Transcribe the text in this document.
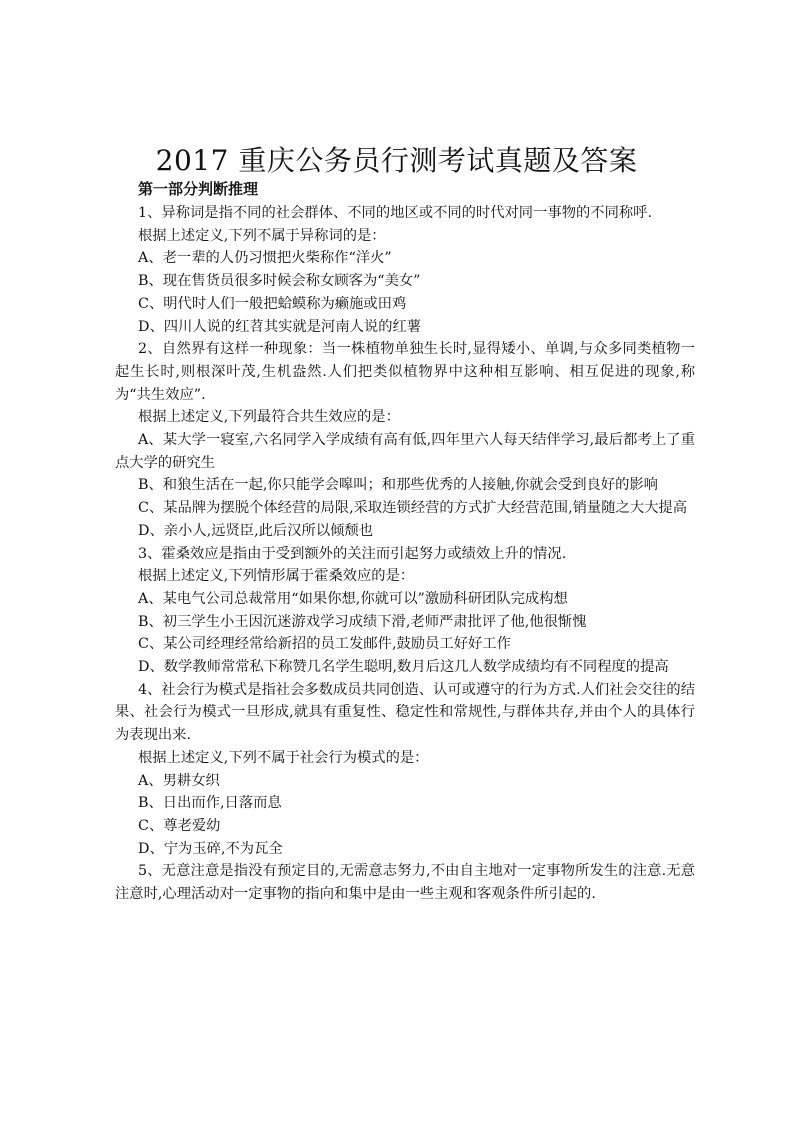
2017 重庆公务员行测考试真题及答案
第一部分判断推理

1、异称词是指不同的社会群体、不同的地区或不同的时代对同一事物的不同称呼.

根据上述定义,下列不属于异称词的是：

A、老一辈的人仍习惯把火柴称作“洋火”

B、现在售货员很多时候会称女顾客为“美女”

C、明代时人们一般把蛤蟆称为癞施或田鸡

D、四川人说的红苕其实就是河南人说的红薯

2、自然界有这样一种现象：当一株植物单独生长时,显得矮小、单调,与众多同类植物一起生长时,则根深叶茂,生机盎然.人们把类似植物界中这种相互影响、相互促进的现象,称为“共生效应”.

根据上述定义,下列最符合共生效应的是：

A、某大学一寝室,六名同学入学成绩有高有低,四年里六人每天结伴学习,最后都考上了重点大学的研究生

B、和狼生活在一起,你只能学会嗥叫；和那些优秀的人接触,你就会受到良好的影响

C、某品牌为摆脱个体经营的局限,采取连锁经营的方式扩大经营范围,销量随之大大提高

D、亲小人,远贤臣,此后汉所以倾颓也

3、霍桑效应是指由于受到额外的关注而引起努力或绩效上升的情况.

根据上述定义,下列情形属于霍桑效应的是：

A、某电气公司总裁常用“如果你想,你就可以”激励科研团队完成构想

B、初三学生小王因沉迷游戏学习成绩下滑,老师严肃批评了他,他很惭愧

C、某公司经理经常给新招的员工发邮件,鼓励员工好好工作

D、数学教师常常私下称赞几名学生聪明,数月后这几人数学成绩均有不同程度的提高

4、社会行为模式是指社会多数成员共同创造、认可或遵守的行为方式.人们社会交往的结果、社会行为模式一旦形成,就具有重复性、稳定性和常规性,与群体共存,并由个人的具体行为表现出来.

根据上述定义,下列不属于社会行为模式的是：

A、男耕女织

B、日出而作,日落而息

C、尊老爱幼

D、宁为玉碎,不为瓦全

5、无意注意是指没有预定目的,无需意志努力,不由自主地对一定事物所发生的注意.无意注意时,心理活动对一定事物的指向和集中是由一些主观和客观条件所引起的.
